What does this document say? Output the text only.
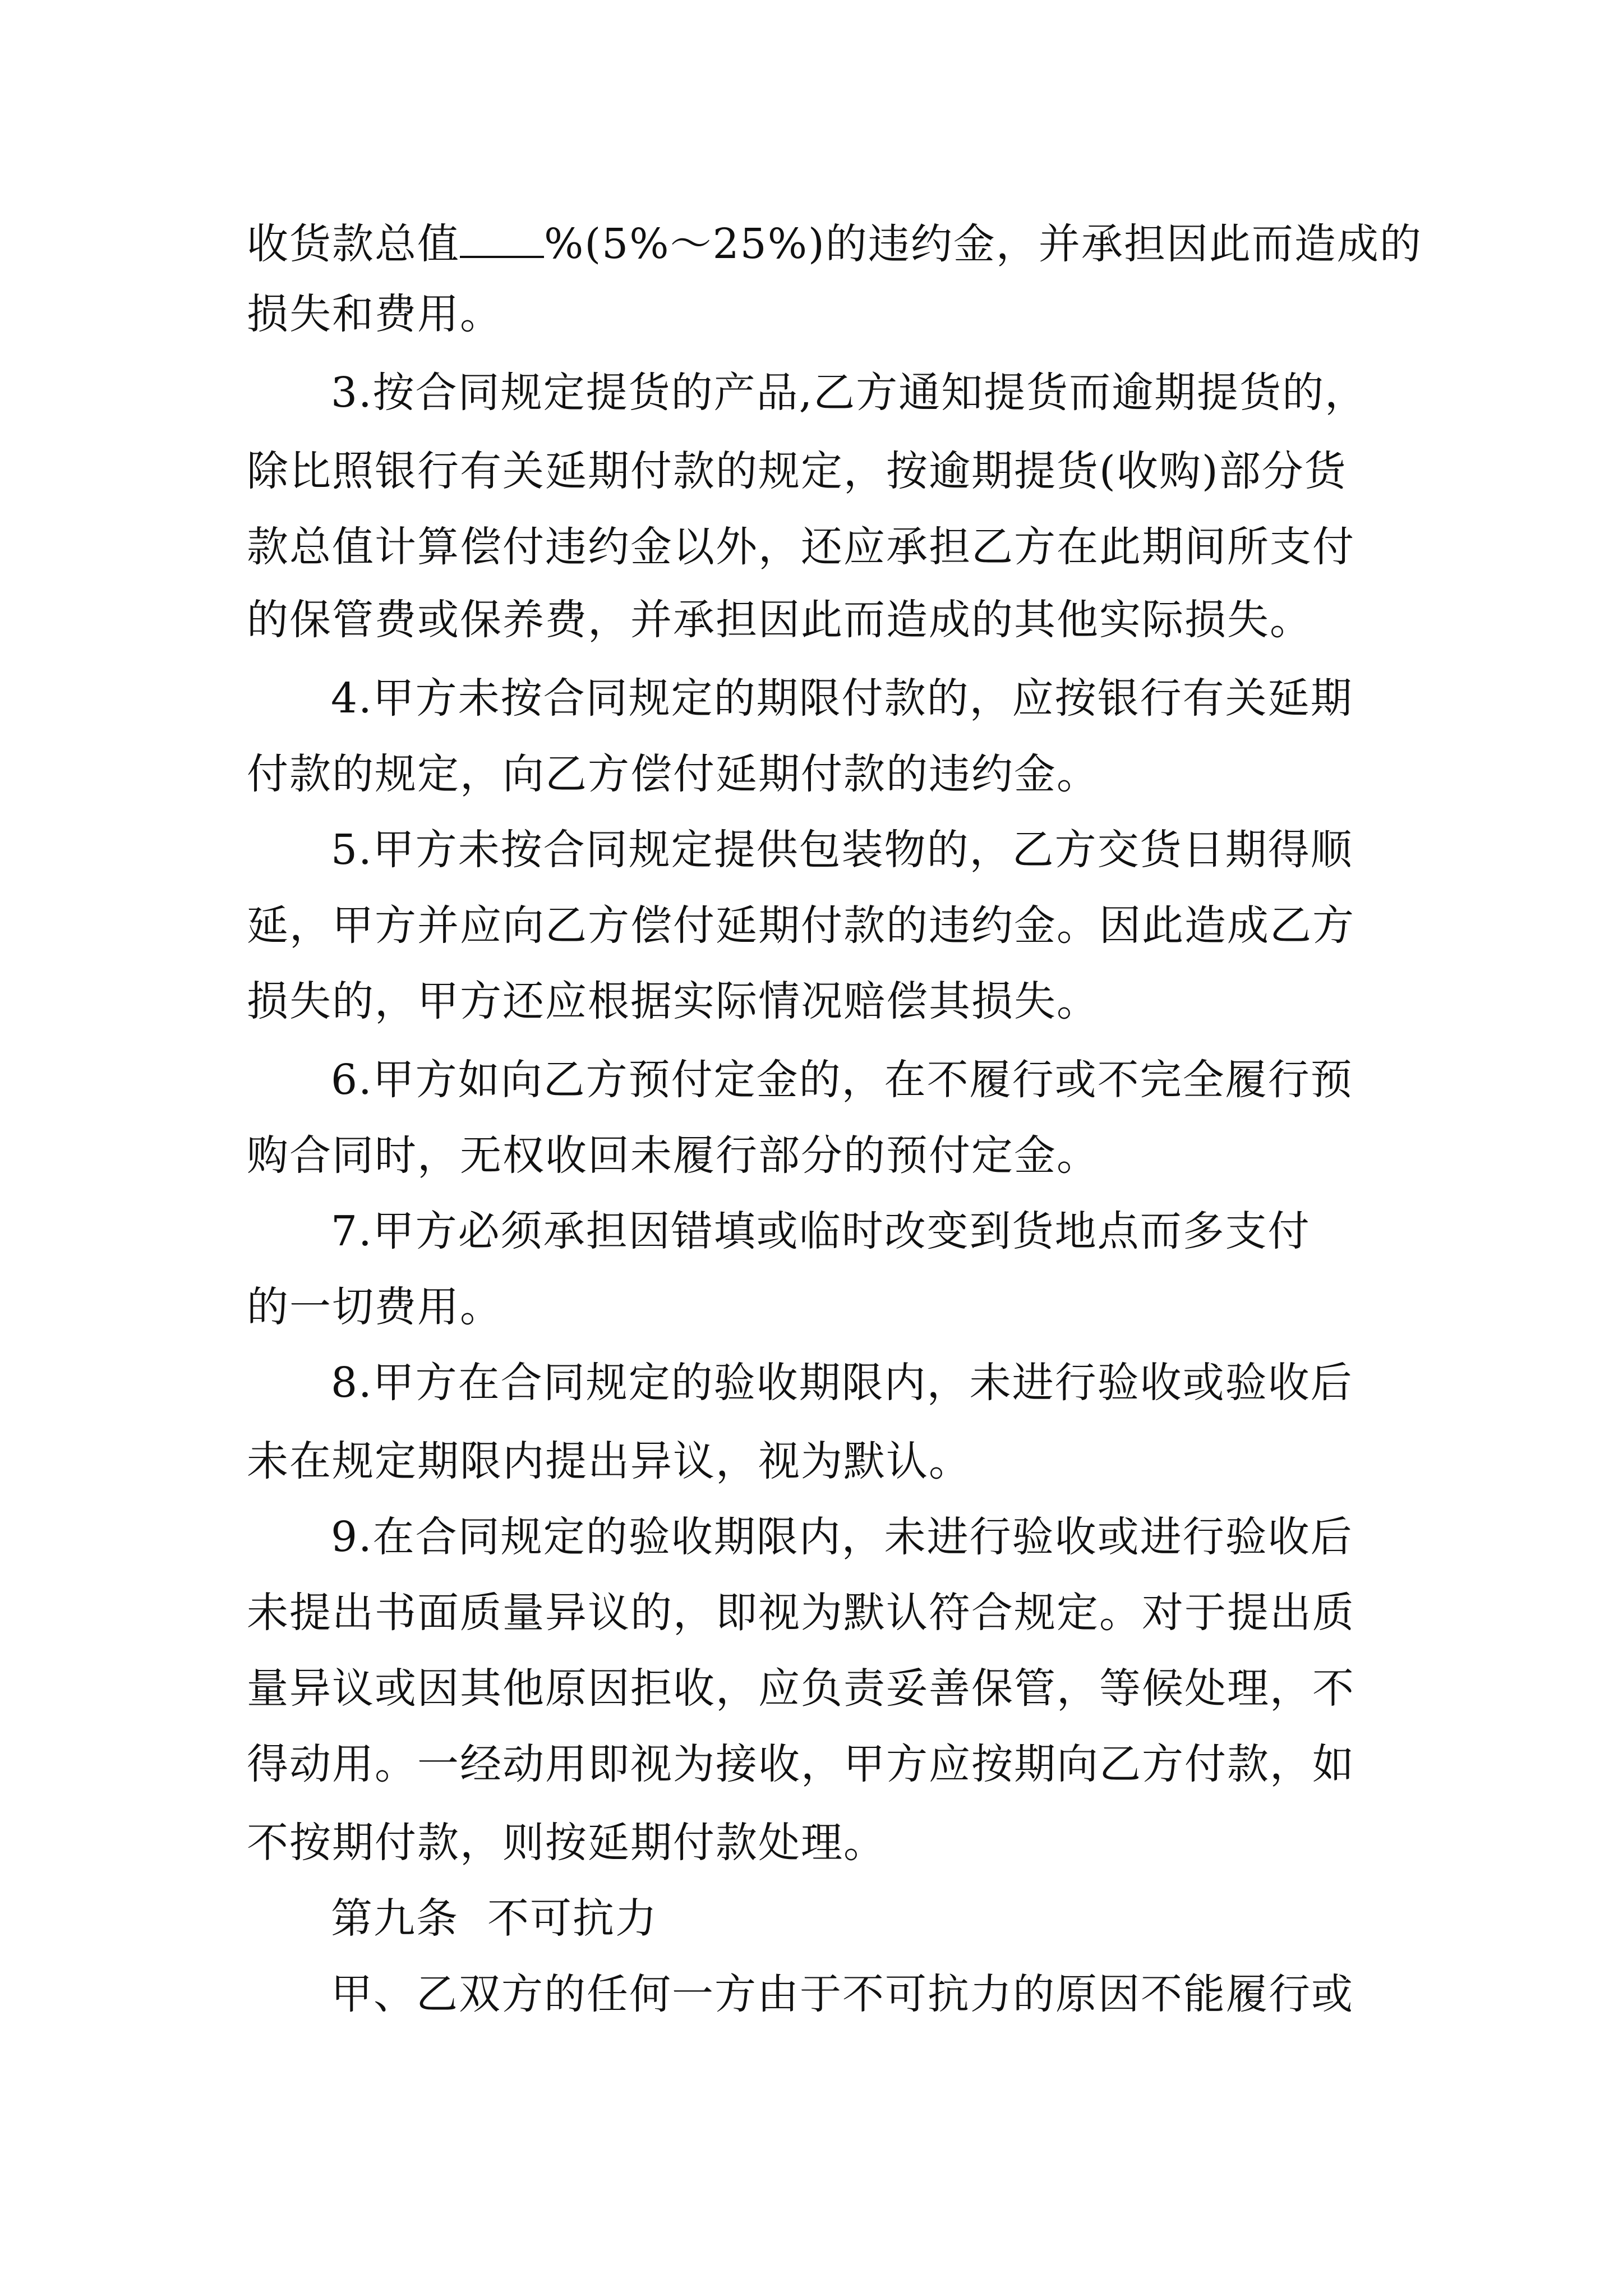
收货款总值 %(5%～25%)的违约金，并承担因此而造成的
损失和费用。
3.按合同规定提货的产品,乙方通知提货而逾期提货的，
除比照银行有关延期付款的规定，按逾期提货(收购)部分货
款总值计算偿付违约金以外，还应承担乙方在此期间所支付
的保管费或保养费，并承担因此而造成的其他实际损失。
4.甲方未按合同规定的期限付款的，应按银行有关延期
付款的规定，向乙方偿付延期付款的违约金。
5.甲方未按合同规定提供包装物的，乙方交货日期得顺
延，甲方并应向乙方偿付延期付款的违约金。因此造成乙方
损失的，甲方还应根据实际情况赔偿其损失。
6.甲方如向乙方预付定金的，在不履行或不完全履行预
购合同时，无权收回未履行部分的预付定金。
7.甲方必须承担因错填或临时改变到货地点而多支付
的一切费用。
8.甲方在合同规定的验收期限内，未进行验收或验收后
未在规定期限内提出异议，视为默认。
9.在合同规定的验收期限内，未进行验收或进行验收后
未提出书面质量异议的，即视为默认符合规定。对于提出质
量异议或因其他原因拒收，应负责妥善保管，等候处理，不
得动用。一经动用即视为接收，甲方应按期向乙方付款，如
不按期付款，则按延期付款处理。
第九条  不可抗力
甲、乙双方的任何一方由于不可抗力的原因不能履行或
